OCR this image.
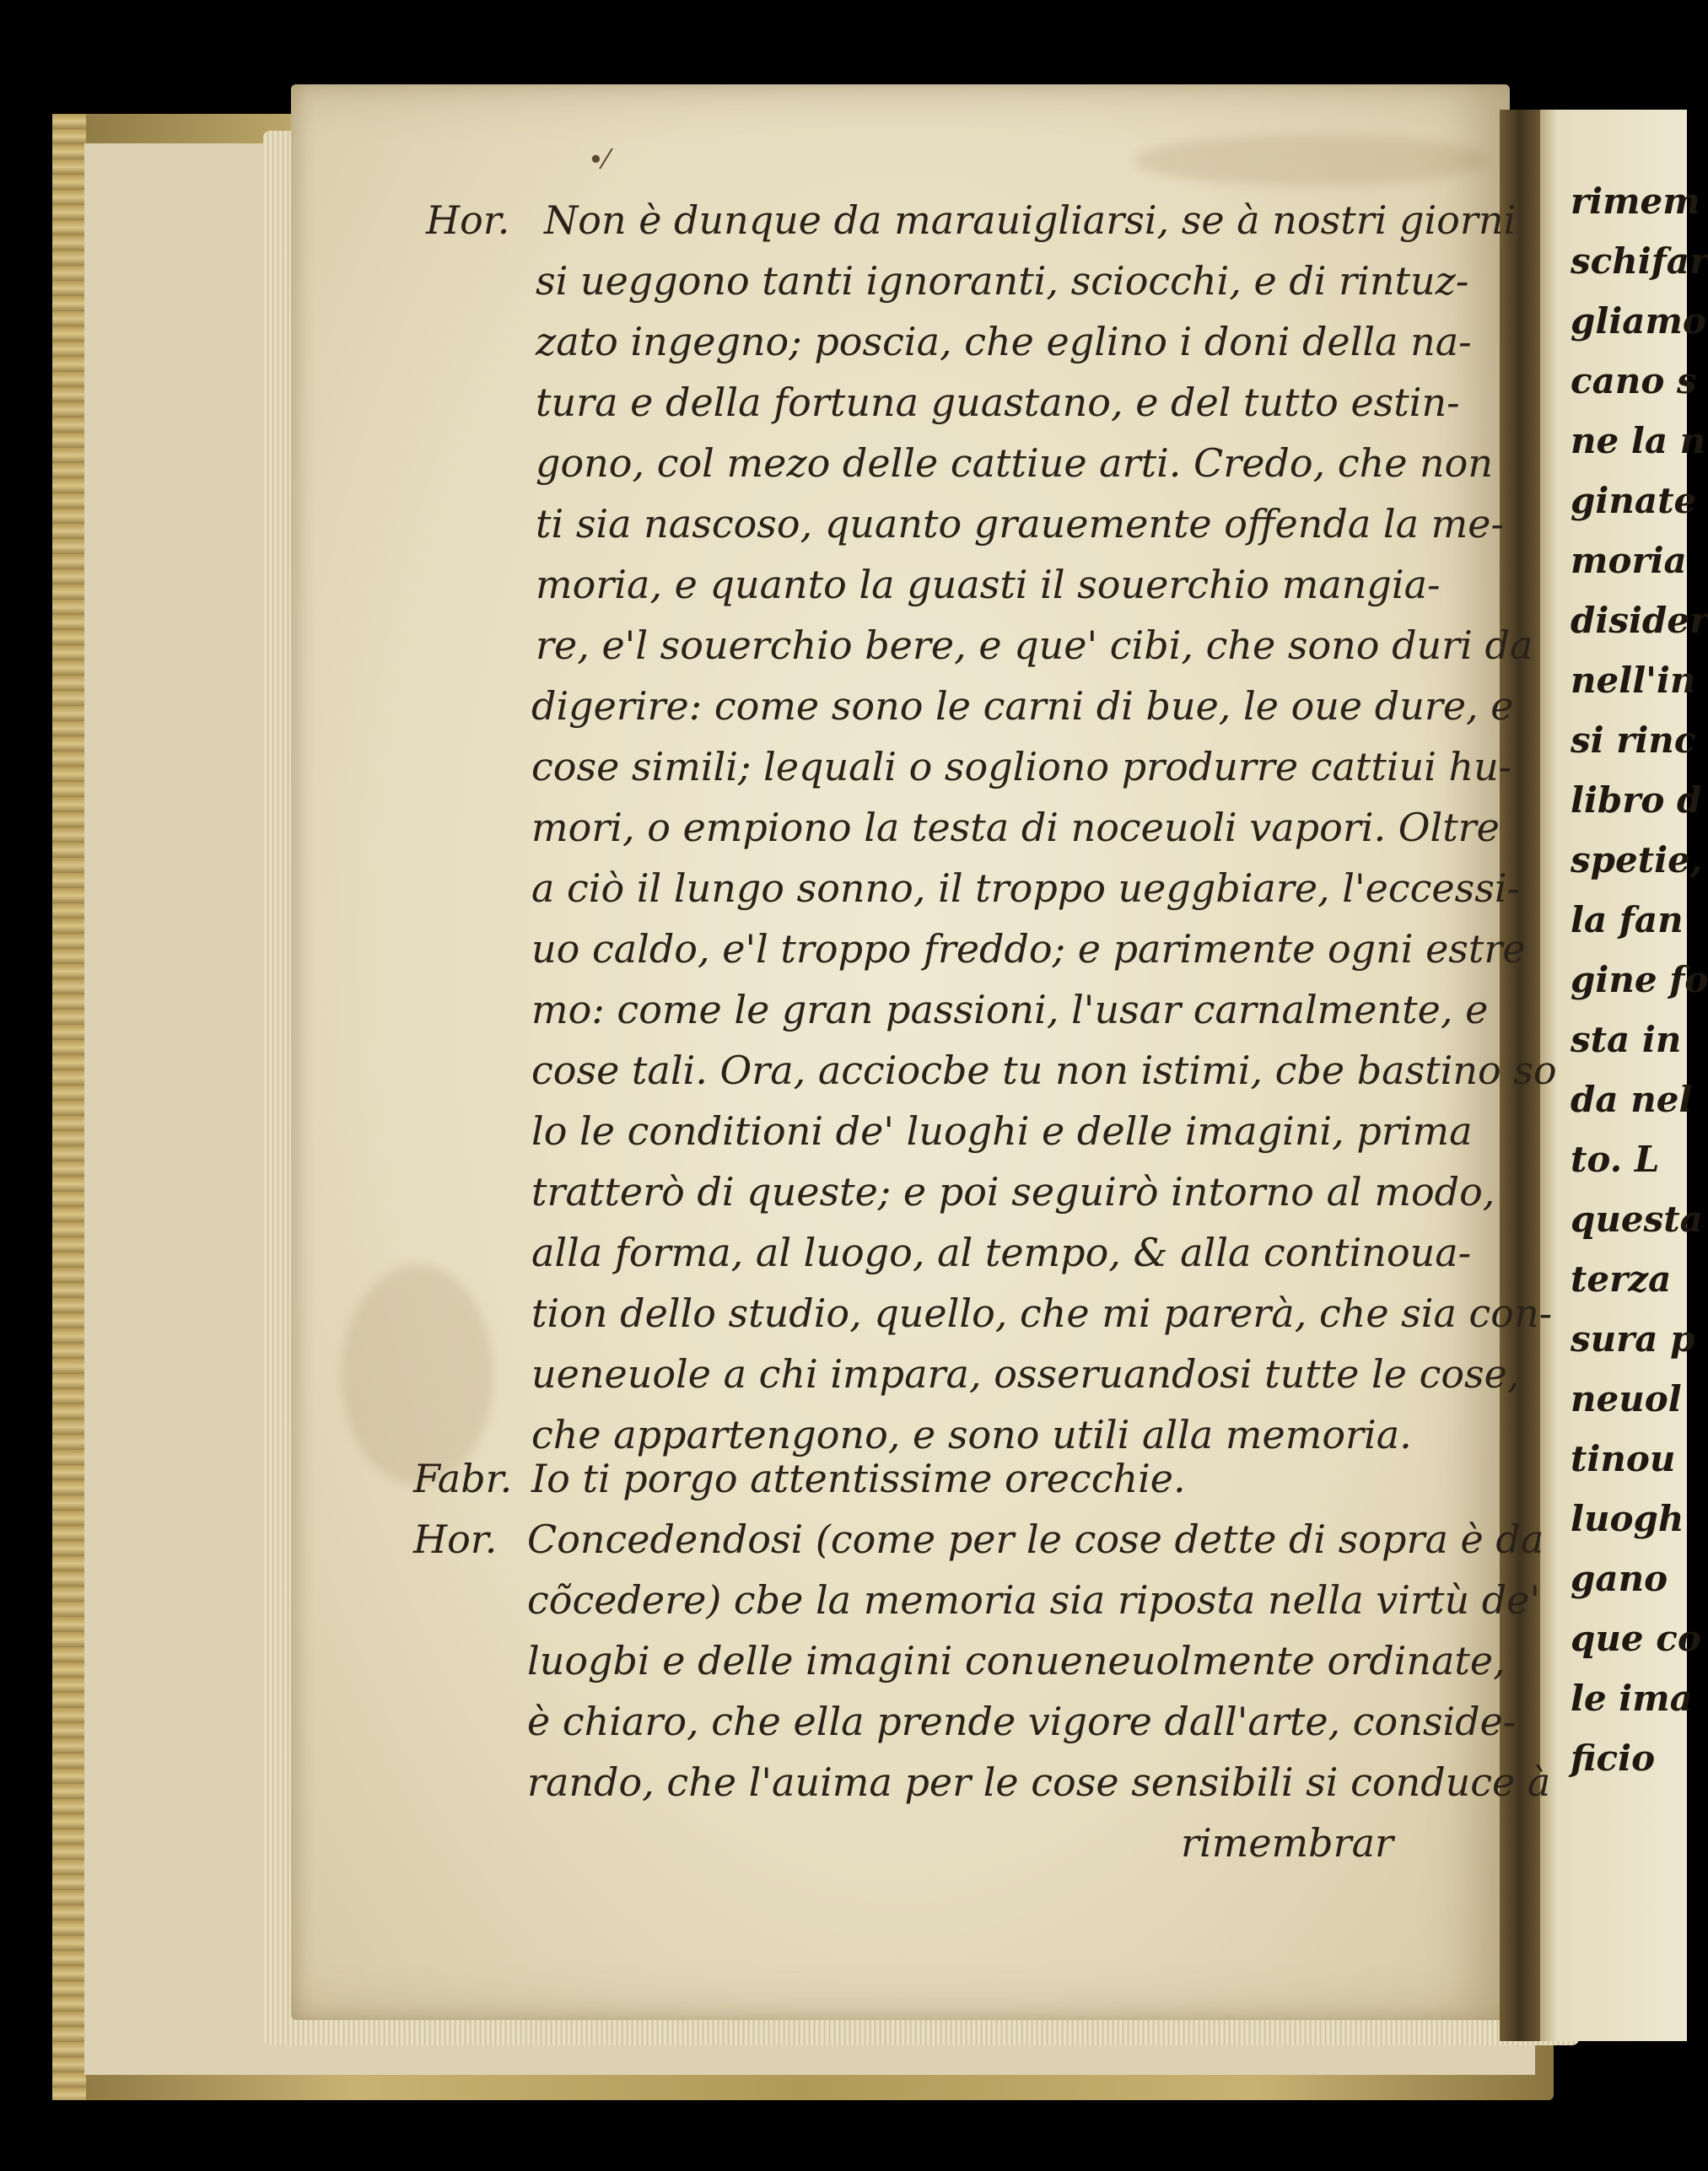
•⁄
Hor.
Fabr.
Hor.
Non è dunque da marauigliarsi, se à nostri giorni
si ueggono tanti ignoranti, sciocchi, e di rintuz-
zato ingegno; poscia, che eglino i doni della na-
tura e della fortuna guastano, e del tutto estin-
gono, col mezo delle cattiue arti. Credo, che non
ti sia nascoso, quanto grauemente offenda la me-
moria, e quanto la guasti il souerchio mangia-
re, e'l souerchio bere, e que' cibi, che sono duri da
digerire: come sono le carni di bue, le oue dure, e
cose simili; lequali o sogliono produrre cattiui hu-
mori, o empiono la testa di noceuoli vapori. Oltre
a ciò il lungo sonno, il troppo ueggbiare, l'eccessi-
uo caldo, e'l troppo freddo; e parimente ogni estre
mo: come le gran passioni, l'usar carnalmente, e
cose tali. Ora, acciocbe tu non istimi, cbe bastino so
lo le conditioni de' luoghi e delle imagini, prima
tratterò di queste; e poi seguirò intorno al modo,
alla forma, al luogo, al tempo, & alla continoua-
tion dello studio, quello, che mi parerà, che sia con-
ueneuole a chi impara, osseruandosi tutte le cose,
che appartengono, e sono utili alla memoria.
Io ti porgo attentissime orecchie.
Concedendosi (come per le cose dette di sopra è da
cõcedere) cbe la memoria sia riposta nella virtù de'
luogbi e delle imagini conueneuolmente ordinate,
è chiaro, che ella prende vigore dall'arte, conside-
rando, che l'auima per le cose sensibili si conduce à
rimembrar
rimem
schifar
gliamo
cano s
ne la n
ginate
moria
disider
nell'in
si rinc
libro d
spetie,
la fan
gine fo
sta in
da nel
to. L
questa
terza
sura p
neuol
tinou
luogh
gano
que co
le ima
ficio
